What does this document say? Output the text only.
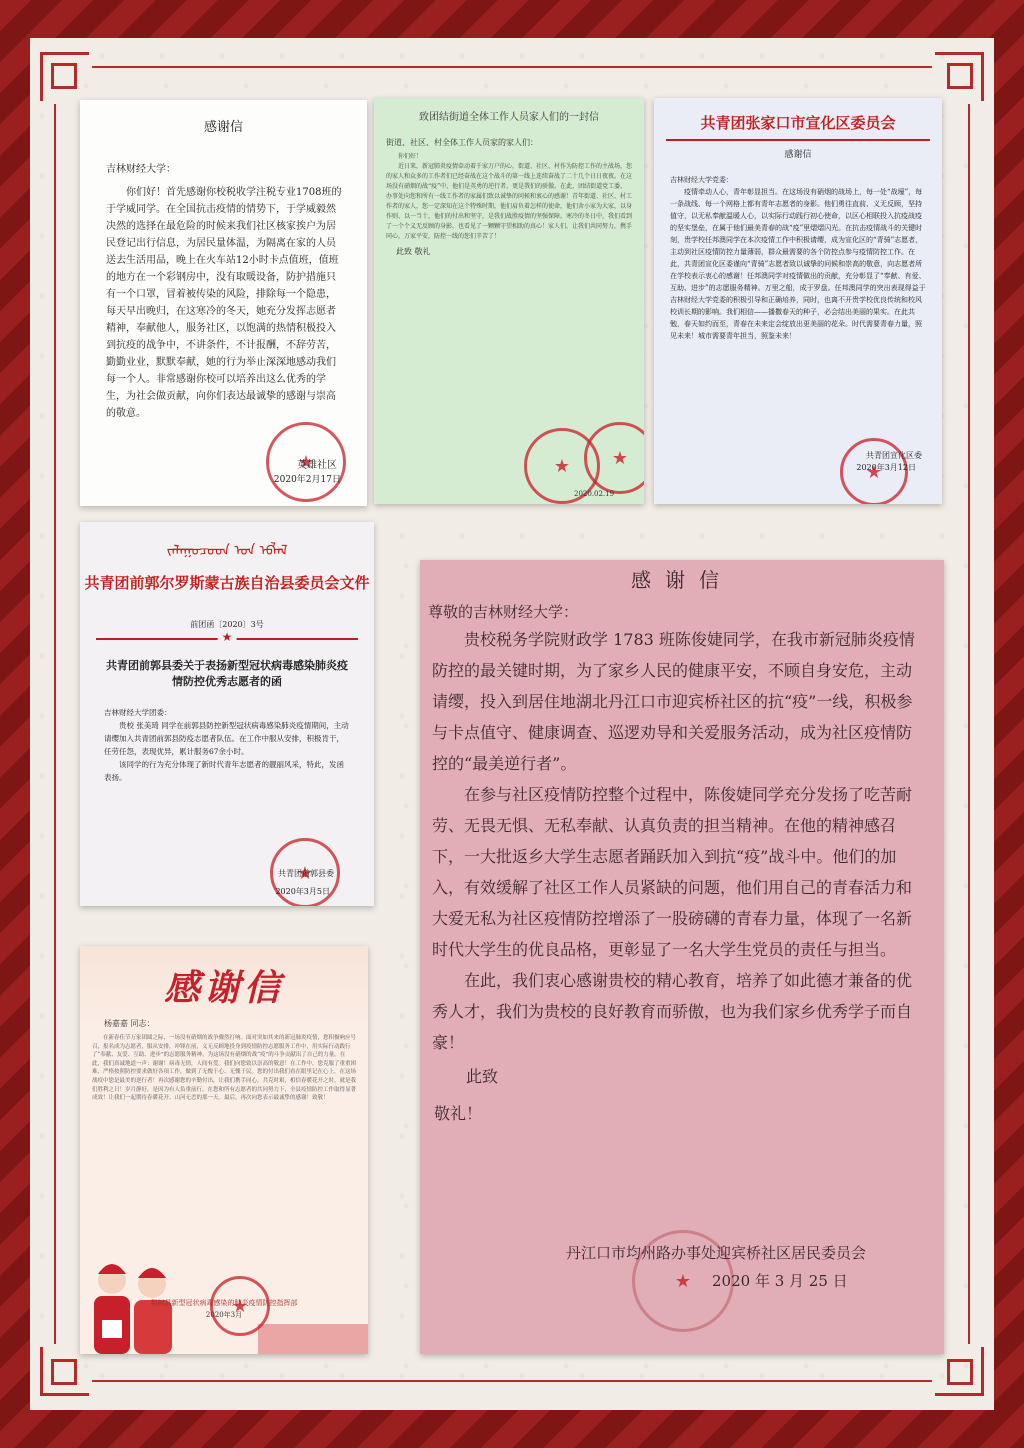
感谢信

吉林财经大学：

你们好！首先感谢你校税收学注税专业1708班的于学威同学。在全国抗击疫情的情势下，于学威毅然决然的选择在最危险的时候来我们社区核家挨户为居民登记出行信息，为居民量体温，为隔离在家的人员送去生活用品，晚上在火车站12小时卡点值班，值班的地方在一个彩钢房中，没有取暖设备，防护措施只有一个口罩，冒着被传染的风险，排除每一个隐患，每天早出晚归，在这寒冷的冬天，她充分发挥志愿者精神，奉献他人，服务社区，以饱满的热情积极投入到抗疫的战争中，不讲条件，不计报酬，不辞劳苦，勤勤业业，默默奉献，她的行为举止深深地感动我们每一个人。非常感谢你校可以培养出这么优秀的学生，为社会做贡献，向你们表达最诚挚的感谢与崇高的敬意。

★
英雄社区
2020年2月17日
致团结街道全体工作人员家人们的一封信
街道、社区、村全体工作人员家的家人们：

你们好！

近日来，新冠肺炎疫情牵动着千家万户的心，街道、社区、村作为防控工作的主战场，您的家人和众多的工作者们已经奋战在这个战斗的第一线上连续奋战了二十几个日日夜夜。在这场没有硝烟的战“疫”中，他们是英勇的逆行者，更是我们的骄傲。在此，团结街道党工委、办事处向您和所有一线工作者的家属们致以诚挚的问候和衷心的感谢！青年街道、社区、村工作者的家人，您一定深知在这个特殊时期，他们肩负着怎样的使命，他们舍小家为大家，以身作则、以一当十，他们的付出和坚守，是我们战胜疫情的坚强保障。寒冷的冬日中，我们看到了一个个义无反顾的身影，也看见了一颗颗守望相助的真心！家人们，让我们共同努力，携手同心，万家平安，防控一线的您们辛苦了！

此致 敬礼
★
★
2020.02.19
共青团张家口市宣化区委员会
感谢信

吉林财经大学党委：

疫情牵动人心，青年彰显担当。在这场没有硝烟的战场上，每一处“战壕”，每一条战线、每一个网格上都有青年志愿者的身影。他们勇往直前、义无反顾，坚持值守，以无私奉献温暖人心，以实际行动践行初心使命，以区心相联投入抗疫战疫的坚实堡垒，在属于他们最美青春的战“疫”里熠熠闪光。在抗击疫情战斗的关键时刻，贵学校任邦澳同学在本次疫情工作中积极请缨，成为宣化区的“青骑”志愿者，主动到社区疫情防控力量薄弱，群众最需要的各个防控点参与疫情防控工作。在此，共青团宣化区委谨向“青骑”志愿者致以诚挚的问候和崇高的敬意，向志愿者所在学校表示衷心的感谢！任邦澳同学对疫情做出的贡献，充分彰显了“奉献、有爱、互助、进步”的志愿服务精神。万里之船，成于罗盘。任邦澳同学的突出表现得益于吉林财经大学党委的积极引导和正确培养，同时，也离不开贵学校优良传统和校风校训长期的影响。我们相信——播撒春天的种子，必会结出美丽的果实。在此共勉，春天如约而至，青春在未来定会绽放出更美丽的花朵。时代需要青春力量，照见未来！城市需要青年担当，照鉴未来！

★
共青团宣化区委
2020年3月12日
ᠵᠠᠯᠠᠭᠤᠴᠤᠳ ᠤᠨ ᠡᠪᠯᠡᠯ
共青团前郭尔罗斯蒙古族自治县委员会文件
前团函〔2020〕3号
★
共青团前郭县委关于表扬新型冠状病毒感染肺炎疫情防控优秀志愿者的函

吉林财经大学团委：

贵校 张美琦 同学在前郭县防控新型冠状病毒感染肺炎疫情期间，主动请缨加入共青团前郭县防疫志愿者队伍。在工作中服从安排，积极肯干，任劳任怨，表现优异，累计服务67余小时。

该同学的行为充分体现了新时代青年志愿者的靓丽风采，特此，发函表扬。

★
共青团前郭县委
2020年3月5日
感谢信
杨嘉嘉 同志：
在新春佳节万家团圆之际，一场没有硝烟的战争骤然打响。面对突如其来的新冠肺炎疫情，您积极响应号召，报名成为志愿者，服从安排，冲锋在前，义无反顾地投身到疫情防控志愿服务工作中，用实际行动践行了“奉献、友爱、互助、进步”的志愿服务精神，为这场没有硝烟的战“疫”的斗争贡献出了自己的力量。在此，我们真诚地道一声：谢谢！病毒无情，人间有爱。我们向您致以崇高的敬意！在工作中，您克服了重重困难，严格按照防控要求做好各项工作，做到了无愧于心、无愧于民。您的付出我们看在眼里记在心上，在这场战疫中您是最美的逆行者！再次感谢您的辛勤付出，让我们携手同心，共克时艰，相信春暖花开之时，就是我们胜利之日！岁月静好，是因为有人负重前行。在您和所有志愿者的共同努力下，全县疫情防控工作取得显著成效！让我们一起期待春暖花开、山河无恙的那一天。最后，再次向您表示最诚挚的感谢！致敬！
★
梨树县新型冠状病毒感染的肺炎疫情防控指挥部
2020年3月
感谢信
尊敬的吉林财经大学：

贵校税务学院财政学 1783 班陈俊婕同学，在我市新冠肺炎疫情防控的最关键时期，为了家乡人民的健康平安，不顾自身安危，主动请缨，投入到居住地湖北丹江口市迎宾桥社区的抗“疫”一线，积极参与卡点值守、健康调查、巡逻劝导和关爱服务活动，成为社区疫情防控的“最美逆行者”。

在参与社区疫情防控整个过程中，陈俊婕同学充分发扬了吃苦耐劳、无畏无惧、无私奉献、认真负责的担当精神。在他的精神感召下，一大批返乡大学生志愿者踊跃加入到抗“疫”战斗中。他们的加入，有效缓解了社区工作人员紧缺的问题，他们用自己的青春活力和大爱无私为社区疫情防控增添了一股磅礴的青春力量，体现了一名新时代大学生的优良品格，更彰显了一名大学生党员的责任与担当。

在此，我们衷心感谢贵校的精心教育，培养了如此德才兼备的优秀人才，我们为贵校的良好教育而骄傲，也为我们家乡优秀学子而自豪！

此致
敬礼！
★
丹江口市均州路办事处迎宾桥社区居民委员会
2020 年 3 月 25 日
